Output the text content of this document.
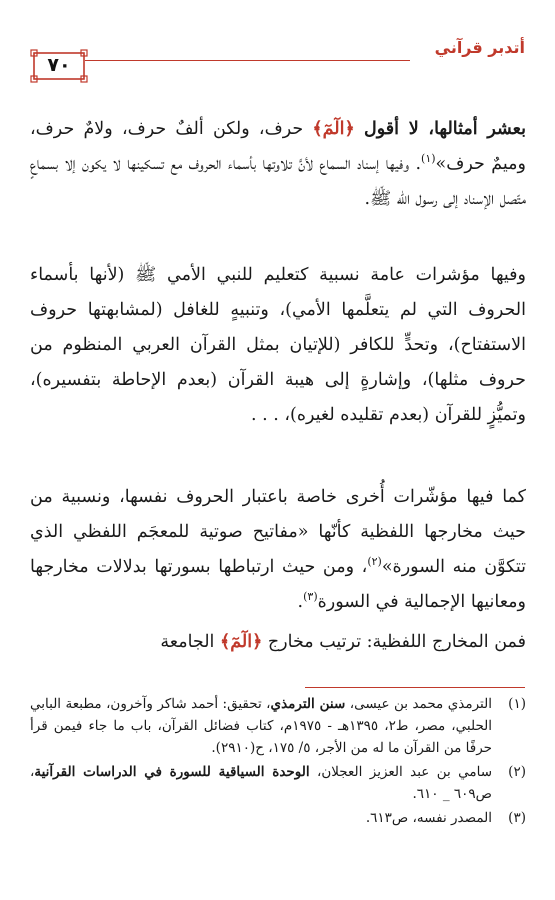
أتدبر قرآني
٧٠

بعشر أمثالها، لا أقول ﴿الٓمٓ﴾ حرف، ولكن ألفٌ حرف، ولامٌ حرف، وميمٌ حرف»$^{(١)}$. وفيها إسناد السماع لأنَّ تلاوتها بأسماء الحروف مع تسكينها لا يكون إلا بسماعٍ متّصل الإسناد إلى رسول الله ﷺ.

وفيها مؤشرات عامة نسبية كتعليم للنبي الأمي ﷺ (لأنها بأسماء الحروف التي لم يتعلَّمها الأمي)، وتنبيهٍ للغافل (لمشابهتها حروف الاستفتاح)، وتحدٍّ للكافر (للإتيان بمثل القرآن العربي المنظوم من حروف مثلها)، وإشارةٍ إلى هيبة القرآن (بعدم الإحاطة بتفسيره)، وتميُّزٍ للقرآن (بعدم تقليده لغيره)، . . .

كما فيها مؤشّرات أُخرى خاصة باعتبار الحروف نفسها، ونسبية من حيث مخارجها اللفظية كأنّها «مفاتيح صوتية للمعجَم اللفظي الذي تتكوَّن منه السورة»$^{(٢)}$، ومن حيث ارتباطها بسورتها بدلالات مخارجها ومعانيها الإجمالية في السورة$^{(٣)}$.

فمن المخارج اللفظية: ترتيب مخارج ﴿الٓمٓ﴾ الجامعة

(١)
الترمذي محمد بن عيسى، سنن الترمذي، تحقيق: أحمد شاكر وآخرون، مطبعة البابي الحلبي، مصر، ط٢، ١٣٩٥هـ - ١٩٧٥م، كتاب فضائل القرآن، باب ما جاء فيمن قرأ حرفًا من القرآن ما له من الأجر، ٥/ ١٧٥، ح(٢٩١٠).
(٢)
سامي بن عبد العزيز العجلان، الوحدة السياقية للسورة في الدراسات القرآنية، ص٦٠٩ _ ٦١٠.
(٣)
المصدر نفسه، ص٦١٣.
